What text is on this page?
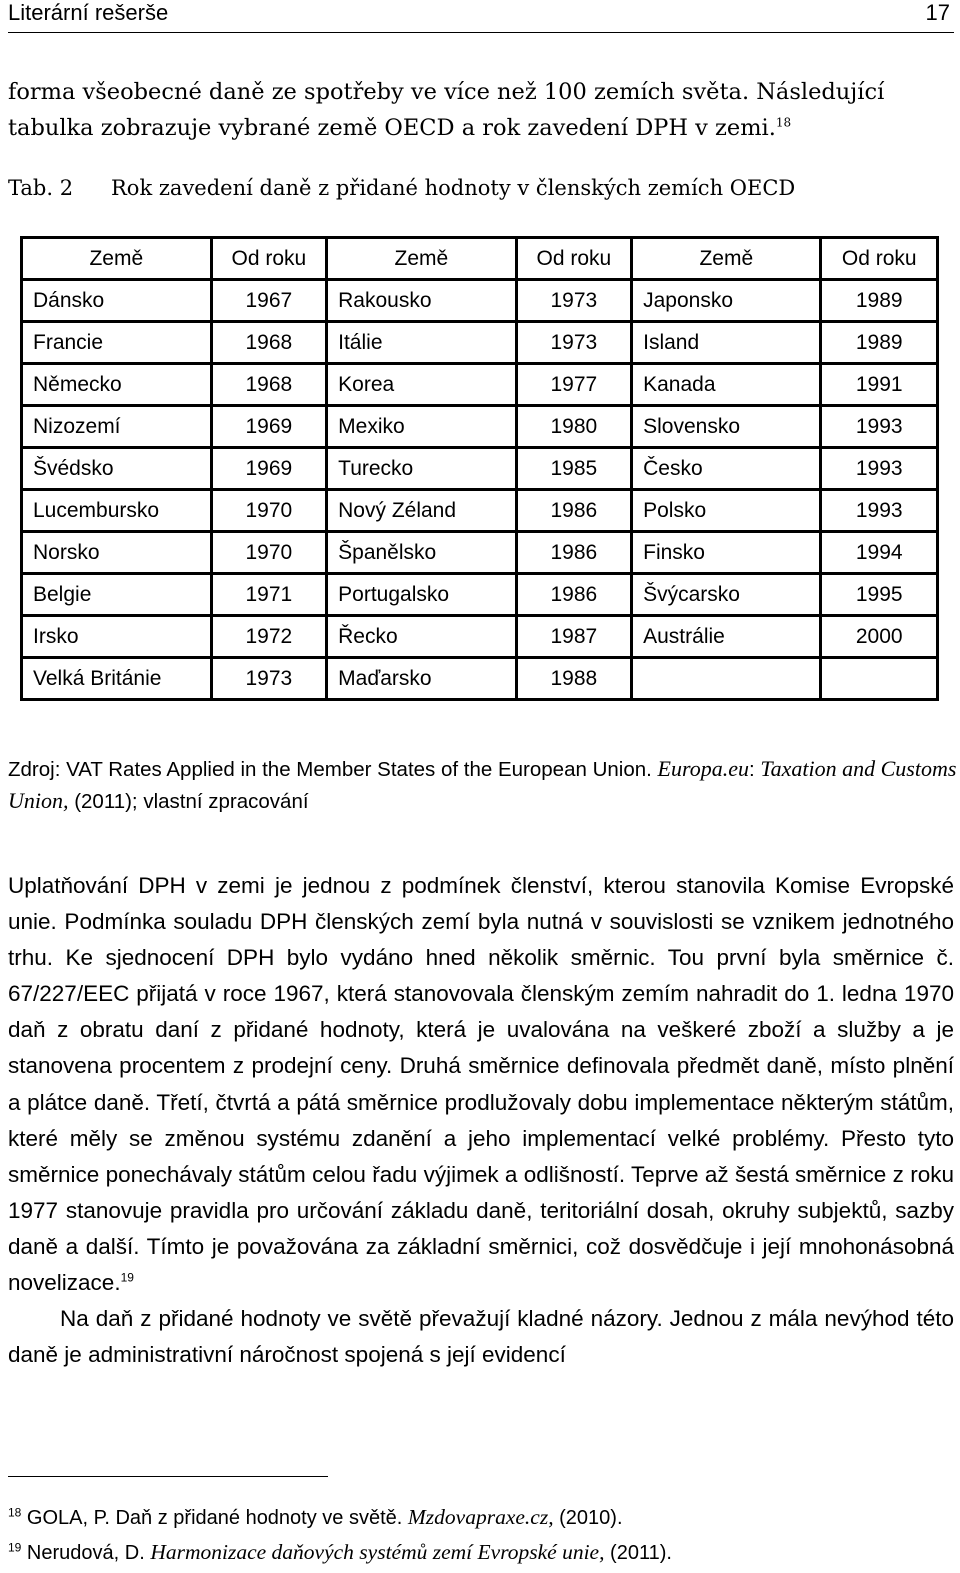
Literární rešerše	17

forma všeobecné daně ze spotřeby ve více než 100 zemích světa. Následující tabulka zobrazuje vybrané země OECD a rok zavedení DPH v zemi.$^{18}$

Tab. 2 Rok zavedení daně z přidané hodnoty v členských zemích OECD
Země	Od roku	Země	Od roku	Země	Od roku
Dánsko	1967	Rakousko	1973	Japonsko	1989
Francie	1968	Itálie	1973	Island	1989
Německo	1968	Korea	1977	Kanada	1991
Nizozemí	1969	Mexiko	1980	Slovensko	1993
Švédsko	1969	Turecko	1985	Česko	1993
Lucembursko	1970	Nový Zéland	1986	Polsko	1993
Norsko	1970	Španělsko	1986	Finsko	1994
Belgie	1971	Portugalsko	1986	Švýcarsko	1995
Irsko	1972	Řecko	1987	Austrálie	2000
Velká Británie	1973	Maďarsko	1988		

Zdroj: VAT Rates Applied in the Member States of the European Union. Europa.eu: Taxation and Customs Union, (2011); vlastní zpracování

Uplatňování DPH v zemi je jednou z podmínek členství, kterou stanovila Komise Evropské unie. Podmínka souladu DPH členských zemí byla nutná v souvislosti se vznikem jednotného trhu. Ke sjednocení DPH bylo vydáno hned několik směrnic. Tou první byla směrnice č. 67/227/EEC přijatá v roce 1967, která stanovovala členským zemím nahradit do 1. ledna 1970 daň z obratu daní z přidané hodnoty, která je uvalována na veškeré zboží a služby a je stanovena procentem z prodejní ceny. Druhá směrnice definovala předmět daně, místo plnění a plátce daně. Třetí, čtvrtá a pátá směrnice prodlužovaly dobu implementace některým státům, které měly se změnou systému zdanění a jeho implementací velké problémy. Přesto tyto směrnice ponechávaly státům celou řadu výjimek a odlišností. Teprve až šestá směrnice z roku 1977 stanovuje pravidla pro určování základu daně, teritoriální dosah, okruhy subjektů, sazby daně a další. Tímto je považována za základní směrnici, což dosvědčuje i její mnohonásobná novelizace.$^{19}$

Na daň z přidané hodnoty ve světě převažují kladné názory. Jednou z mála nevýhod této daně je administrativní náročnost spojená s její evidencí

$^{18}$ GOLA, P. Daň z přidané hodnoty ve světě. Mzdovapraxe.cz, (2010).

$^{19}$ Nerudová, D. Harmonizace daňových systémů zemí Evropské unie, (2011).
